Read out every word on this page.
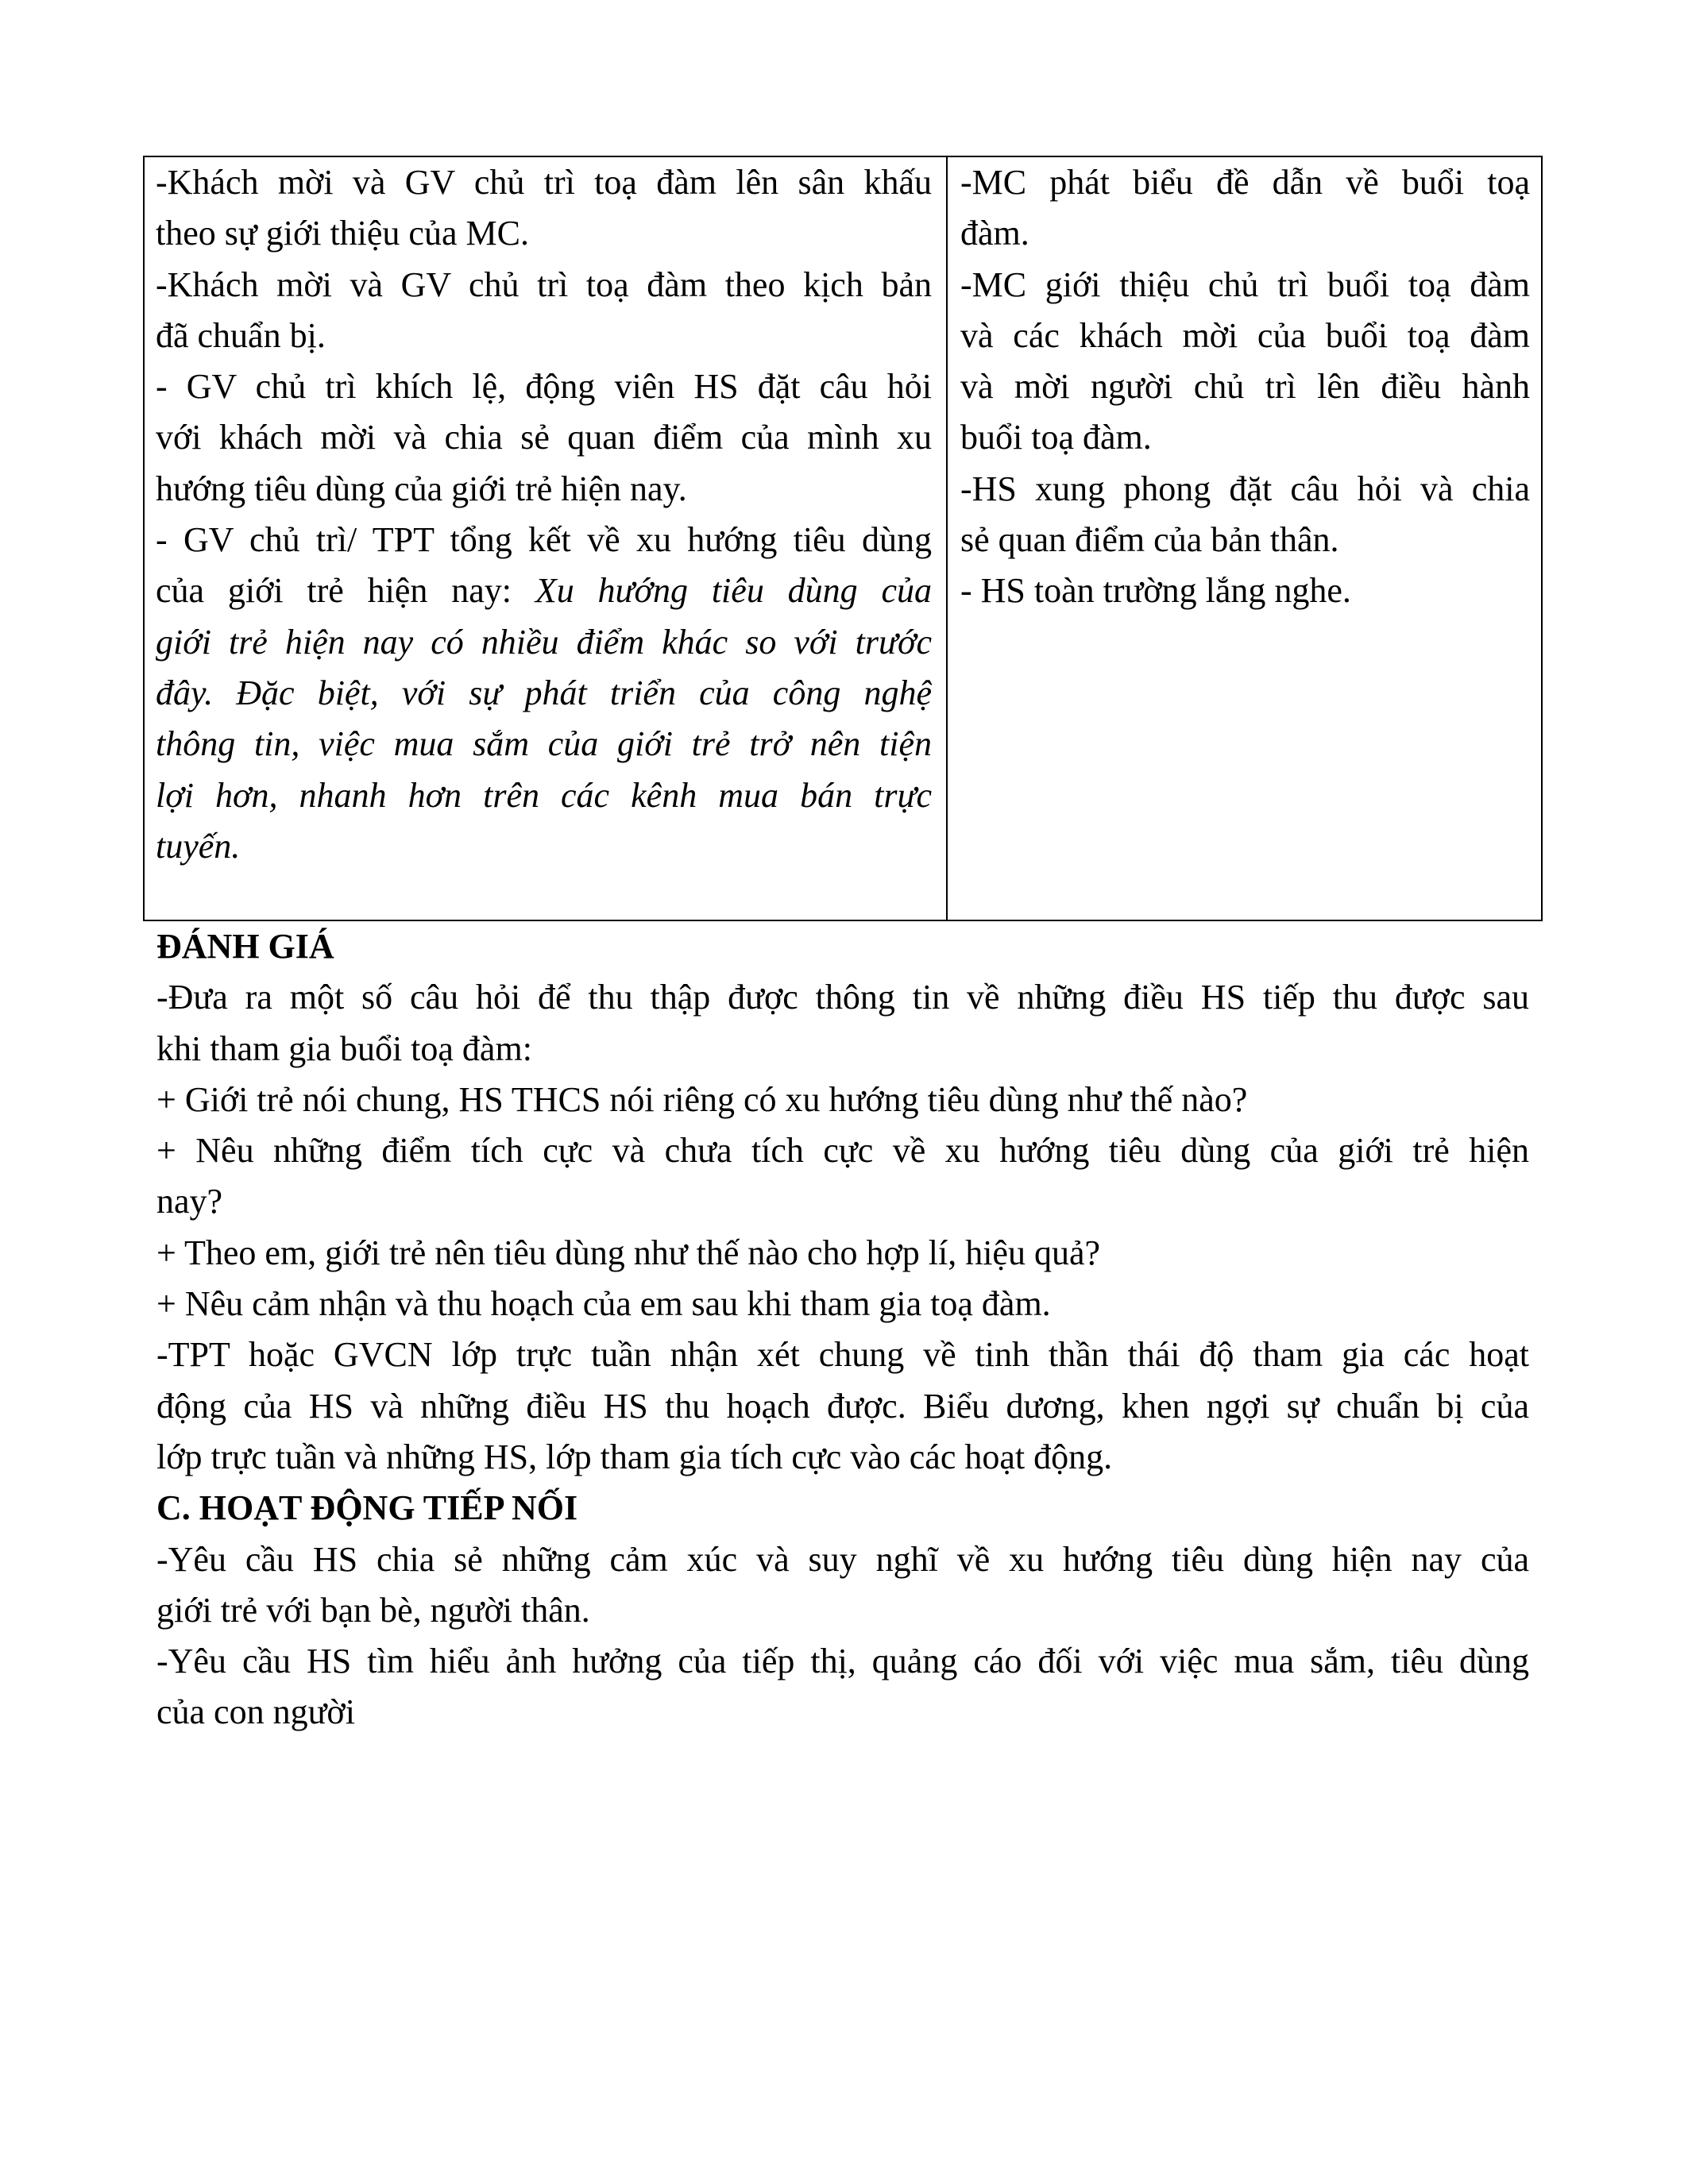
-Khách mời và GV chủ trì toạ đàm lên sân khấu
theo sự giới thiệu của MC.
-Khách mời và GV chủ trì toạ đàm theo kịch bản
đã chuẩn bị.
- GV chủ trì khích lệ, động viên HS đặt câu hỏi
với khách mời và chia sẻ quan điểm của mình xu
hướng tiêu dùng của giới trẻ hiện nay.
- GV chủ trì/ TPT tổng kết về xu hướng tiêu dùng
của giới trẻ hiện nay: Xu hướng tiêu dùng của
giới trẻ hiện nay có nhiều điểm khác so với trước
đây. Đặc biệt, với sự phát triển của công nghệ
thông tin, việc mua sắm của giới trẻ trở nên tiện
lợi hơn, nhanh hơn trên các kênh mua bán trực
tuyến.
-MC phát biểu đề dẫn về buổi toạ
đàm.
-MC giới thiệu chủ trì buổi toạ đàm
và các khách mời của buổi toạ đàm
và mời người chủ trì lên điều hành
buổi toạ đàm.
-HS xung phong đặt câu hỏi và chia
sẻ quan điểm của bản thân.
- HS toàn trường lắng nghe.
ĐÁNH GIÁ
-Đưa ra một số câu hỏi để thu thập được thông tin về những điều HS tiếp thu được sau
khi tham gia buổi toạ đàm:
+ Giới trẻ nói chung, HS THCS nói riêng có xu hướng tiêu dùng như thế nào?
+ Nêu những điểm tích cực và chưa tích cực về xu hướng tiêu dùng của giới trẻ hiện
nay?
+ Theo em, giới trẻ nên tiêu dùng như thế nào cho hợp lí, hiệu quả?
+ Nêu cảm nhận và thu hoạch của em sau khi tham gia toạ đàm.
-TPT hoặc GVCN lớp trực tuần nhận xét chung về tinh thần thái độ tham gia các hoạt
động của HS và những điều HS thu hoạch được. Biểu dương, khen ngợi sự chuẩn bị của
lớp trực tuần và những HS, lớp tham gia tích cực vào các hoạt động.
C. HOẠT ĐỘNG TIẾP NỐI
-Yêu cầu HS chia sẻ những cảm xúc và suy nghĩ về xu hướng tiêu dùng hiện nay của
giới trẻ với bạn bè, người thân.
-Yêu cầu HS tìm hiểu ảnh hưởng của tiếp thị, quảng cáo đối với việc mua sắm, tiêu dùng
của con người
